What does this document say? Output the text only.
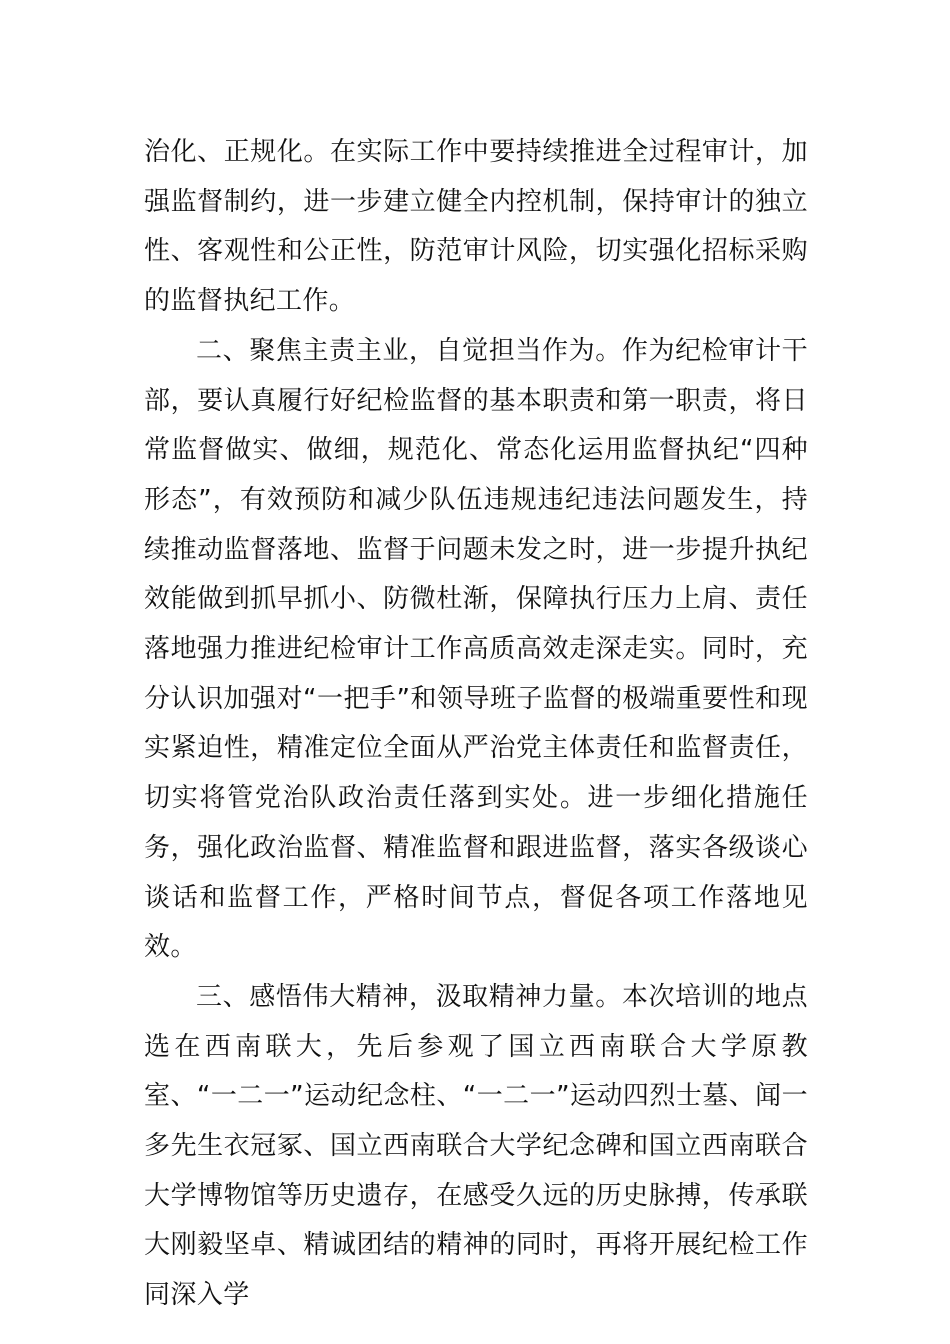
治化、正规化。在实际工作中要持续推进全过程审计，加强监督制约，进一步建立健全内控机制，保持审计的独立性、客观性和公正性，防范审计风险，切实强化招标采购的监督执纪工作。

二、聚焦主责主业，自觉担当作为。作为纪检审计干部，要认真履行好纪检监督的基本职责和第一职责，将日常监督做实、做细，规范化、常态化运用监督执纪“四种形态”，有效预防和减少队伍违规违纪违法问题发生，持续推动监督落地、监督于问题未发之时，进一步提升执纪效能做到抓早抓小、防微杜渐，保障执行压力上肩、责任落地强力推进纪检审计工作高质高效走深走实。同时，充分认识加强对“一把手”和领导班子监督的极端重要性和现实紧迫性，精准定位全面从严治党主体责任和监督责任，切实将管党治队政治责任落到实处。进一步细化措施任务，强化政治监督、精准监督和跟进监督，落实各级谈心谈话和监督工作，严格时间节点，督促各项工作落地见效。

三、感悟伟大精神，汲取精神力量。本次培训的地点选在西南联大，先后参观了国立西南联合大学原教室、“一二一”运动纪念柱、“一二一”运动四烈士墓、闻一多先生衣冠冢、国立西南联合大学纪念碑和国立西南联合大学博物馆等历史遗存，在感受久远的历史脉搏，传承联大刚毅坚卓、精诚团结的精神的同时，再将开展纪检工作同深入学
